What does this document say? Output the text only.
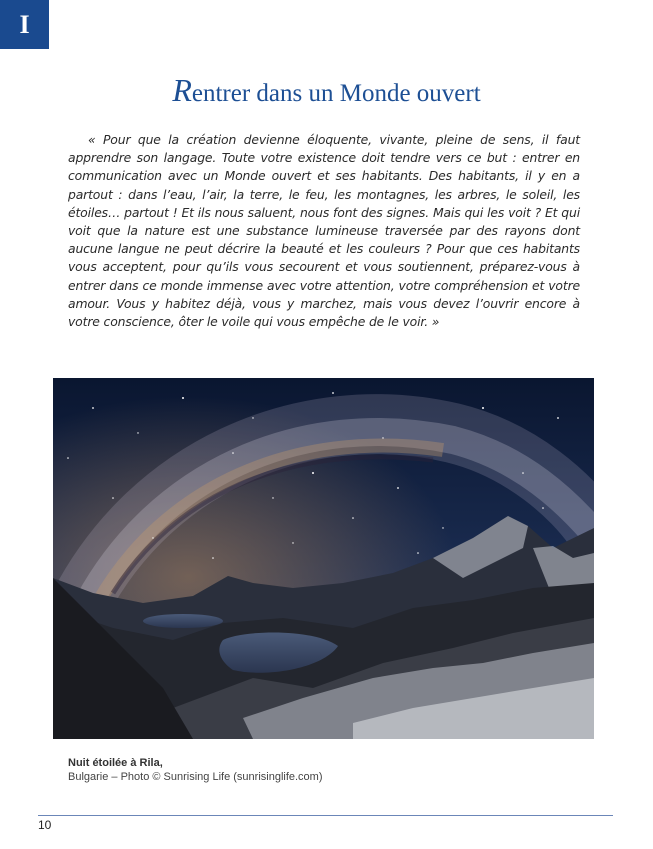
I
Rentrer dans un Monde ouvert

« Pour que la création devienne éloquente, vivante, pleine de sens, il faut apprendre son langage. Toute votre existence doit tendre vers ce but : entrer en communication avec un Monde ouvert et ses habitants. Des habitants, il y en a partout : dans l’eau, l’air, la terre, le feu, les montagnes, les arbres, le soleil, les étoiles… partout ! Et ils nous saluent, nous font des signes. Mais qui les voit ? Et qui voit que la nature est une substance lumineuse traversée par des rayons dont aucune langue ne peut décrire la beauté et les couleurs ? Pour que ces habitants vous acceptent, pour qu’ils vous secourent et vous soutiennent, préparez-vous à entrer dans ce monde immense avec votre attention, votre compréhension et votre amour. Vous y habitez déjà, vous y marchez, mais vous devez l’ouvrir encore à votre conscience, ôter le voile qui vous empêche de le voir. »

Nuit étoilée à Rila,
Bulgarie – Photo © Sunrising Life (sunrisinglife.com)
10
